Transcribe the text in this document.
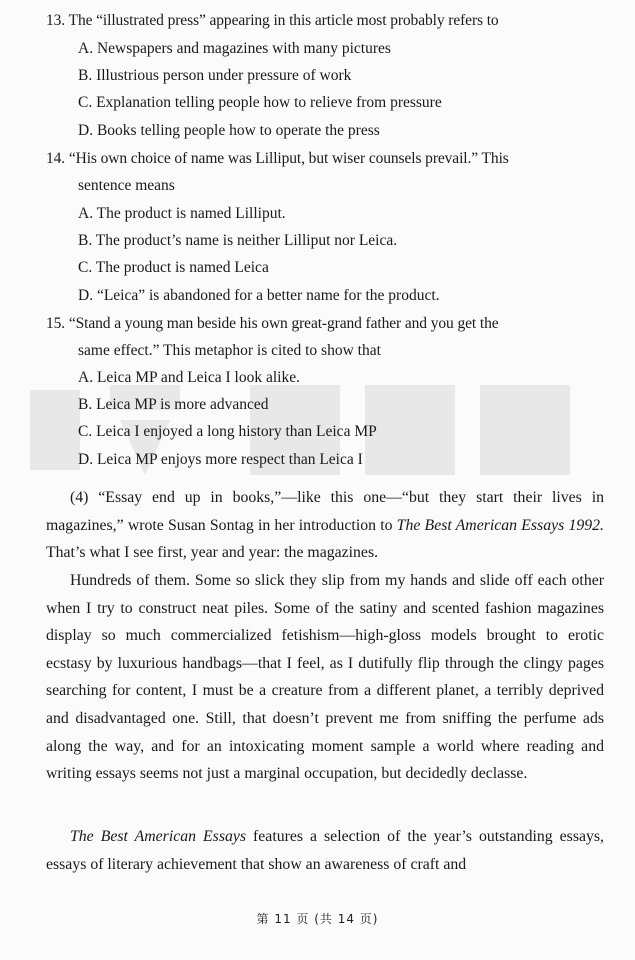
13. The “illustrated press” appearing in this article most probably refers to
A. Newspapers and magazines with many pictures
B. Illustrious person under pressure of work
C. Explanation telling people how to relieve from pressure
D. Books telling people how to operate the press
14. “His own choice of name was Lilliput, but wiser counsels prevail.” This
sentence means
A. The product is named Lilliput.
B. The product’s name is neither Lilliput nor Leica.
C. The product is named Leica
D. “Leica” is abandoned for a better name for the product.
15. “Stand a young man beside his own great-grand father and you get the
same effect.” This metaphor is cited to show that
A. Leica MP and Leica I look alike.
B. Leica MP is more advanced
C. Leica I enjoyed a long history than Leica MP
D. Leica MP enjoys more respect than Leica I
(4) “Essay end up in books,”—like this one—“but they start their lives in magazines,” wrote Susan Sontag in her introduction to The Best American Essays 1992. That’s what I see first, year and year: the magazines.
Hundreds of them. Some so slick they slip from my hands and slide off each other when I try to construct neat piles. Some of the satiny and scented fashion magazines display so much commercialized fetishism—high-gloss models brought to erotic ecstasy by luxurious handbags—that I feel, as I dutifully flip through the clingy pages searching for content, I must be a creature from a different planet, a terribly deprived and disadvantaged one. Still, that doesn’t prevent me from sniffing the perfume ads along the way, and for an intoxicating moment sample a world where reading and writing essays seems not just a marginal occupation, but decidedly declasse.
The Best American Essays features a selection of the year’s outstanding essays, essays of literary achievement that show an awareness of craft and
第 11 页 (共 14 页)
